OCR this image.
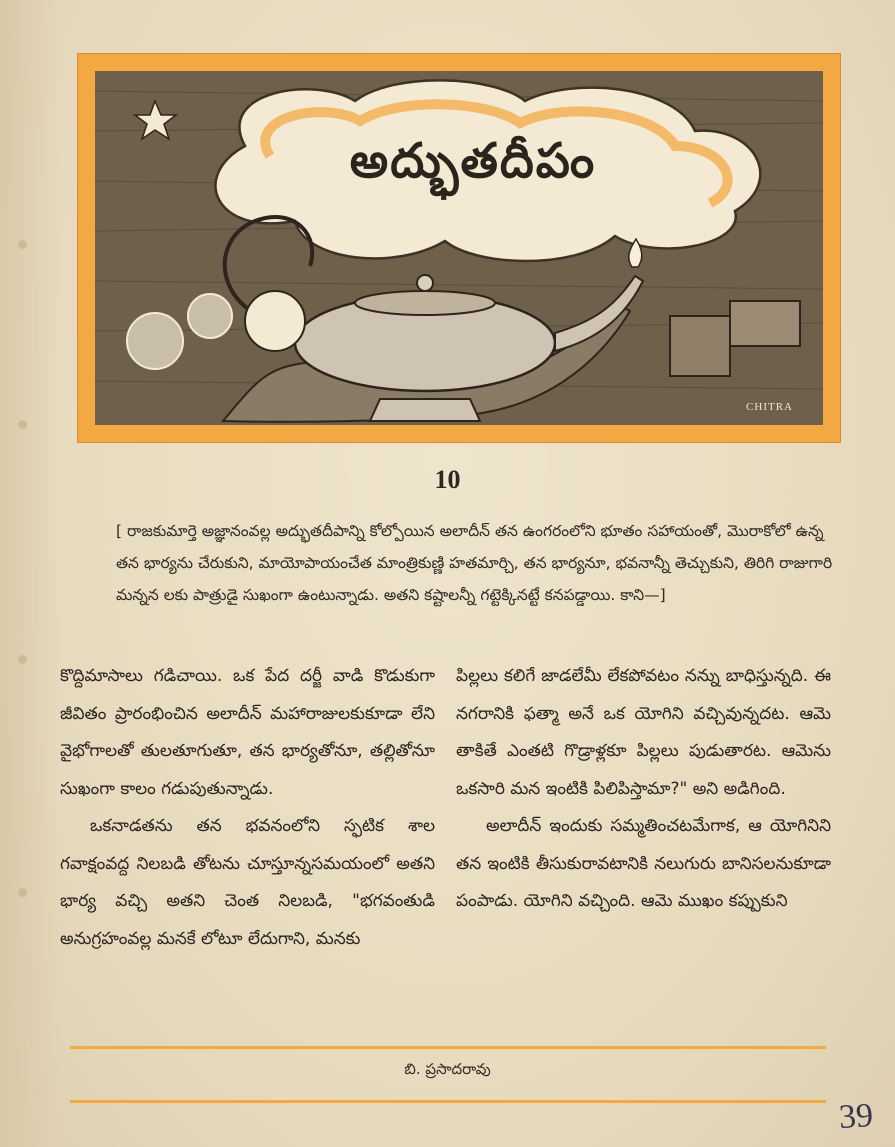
అద్భుతదీపం
CHITRA
10
[ రాజకుమార్తె అజ్ఞానంవల్ల అద్భుతదీపాన్ని కోల్పోయిన అలాదీన్ తన ఉంగరంలోని భూతం సహాయంతో, మొరాకోలో ఉన్న తన భార్యను చేరుకుని, మాయోపాయంచేత మాంత్రికుణ్ణి హతమార్చి, తన భార్యనూ, భవనాన్నీ తెచ్చుకుని, తిరిగి రాజుగారి మన్నన లకు పాత్రుడై సుఖంగా ఉంటున్నాడు. అతని కష్టాలన్నీ గట్టెక్కినట్టే కనపడ్డాయి. కాని—]

కొద్దిమాసాలు గడిచాయి. ఒక పేద దర్జీ వాడి కొడుకుగా జీవితం ప్రారంభించిన అలాదీన్ మహారాజులకుకూడా లేని వైభోగాలతో తులతూగుతూ, తన భార్యతోనూ, తల్లితోనూ సుఖంగా కాలం గడుపుతున్నాడు.

ఒకనాడతను తన భవనంలోని స్ఫటిక శాల గవాక్షంవద్ద నిలబడి తోటను చూస్తూన్నసమయంలో అతని భార్య వచ్చి అతని చెంత నిలబడి, "భగవంతుడి అనుగ్రహంవల్ల మనకే లోటూ లేదుగాని, మనకు

పిల్లలు కలిగే జాడలేమీ లేకపోవటం నన్ను బాధిస్తున్నది. ఈ నగరానికి ఫత్మా అనే ఒక యోగిని వచ్చివున్నదట. ఆమె తాకితే ఎంతటి గొడ్రాళ్లకూ పిల్లలు పుడుతారట. ఆమెను ఒకసారి మన ఇంటికి పిలిపిస్తామా?" అని అడిగింది.

అలాదీన్ ఇందుకు సమ్మతించటమేగాక, ఆ యోగినిని తన ఇంటికి తీసుకురావటానికి నలుగురు బానిసలనుకూడా పంపాడు. యోగిని వచ్చింది. ఆమె ముఖం కప్పుకుని

బి. ప్రసాదరావు
39
